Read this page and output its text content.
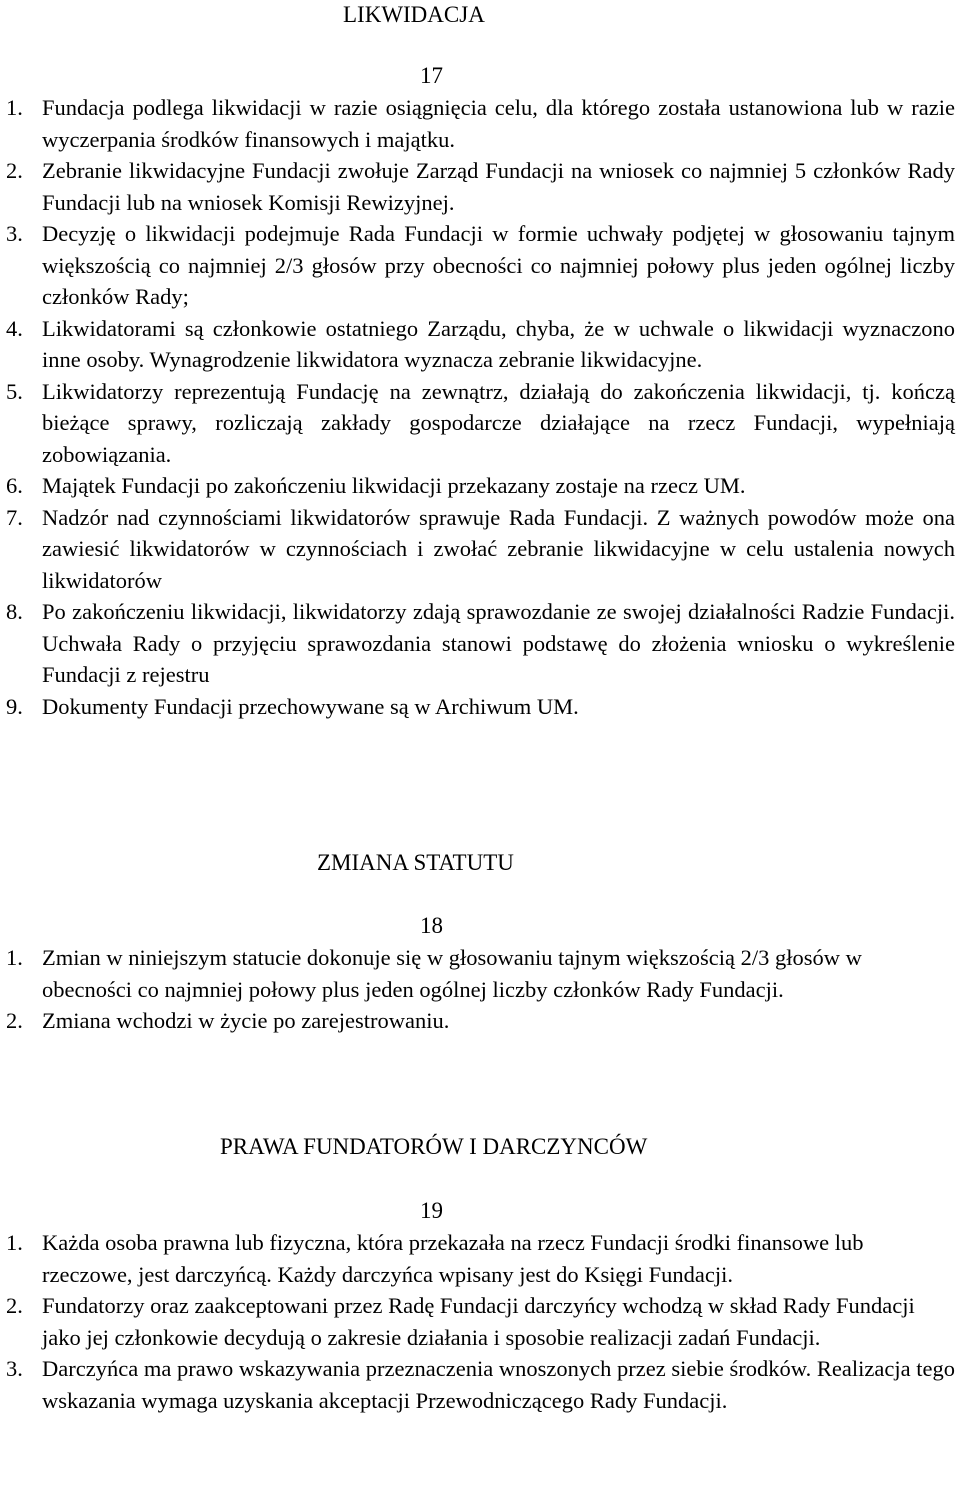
LIKWIDACJA
17
1. Fundacja podlega likwidacji w razie osiągnięcia celu, dla którego została ustanowiona lub w razie wyczerpania środków finansowych i majątku.
2. Zebranie likwidacyjne Fundacji zwołuje Zarząd Fundacji na wniosek co najmniej 5 członków Rady Fundacji lub na wniosek Komisji Rewizyjnej.
3. Decyzję o likwidacji podejmuje Rada Fundacji w formie uchwały podjętej w głosowaniu tajnym większością co najmniej 2/3 głosów przy obecności co najmniej połowy plus jeden ogólnej liczby członków Rady;
4. Likwidatorami są członkowie ostatniego Zarządu, chyba, że w uchwale o likwidacji wyznaczono inne osoby. Wynagrodzenie likwidatora wyznacza zebranie likwidacyjne.
5. Likwidatorzy reprezentują Fundację na zewnątrz, działają do zakończenia likwidacji, tj. kończą bieżące sprawy, rozliczają zakłady gospodarcze działające na rzecz Fundacji, wypełniają zobowiązania.
6. Majątek Fundacji po zakończeniu likwidacji przekazany zostaje na rzecz UM.
7. Nadzór nad czynnościami likwidatorów sprawuje Rada Fundacji. Z ważnych powodów może ona zawiesić likwidatorów w czynnościach i zwołać zebranie likwidacyjne w celu ustalenia nowych likwidatorów
8. Po zakończeniu likwidacji, likwidatorzy zdają sprawozdanie ze swojej działalności Radzie Fundacji. Uchwała Rady o przyjęciu sprawozdania stanowi podstawę do złożenia wniosku o wykreślenie Fundacji z rejestru
9. Dokumenty Fundacji przechowywane są w Archiwum UM.
ZMIANA STATUTU
18
1. Zmian w niniejszym statucie dokonuje się w głosowaniu tajnym większością 2/3 głosów w obecności co najmniej połowy plus jeden ogólnej liczby członków Rady Fundacji.
2. Zmiana wchodzi w życie po zarejestrowaniu.
PRAWA FUNDATORÓW I DARCZYNCÓW
19
1. Każda osoba prawna lub fizyczna, która przekazała na rzecz Fundacji środki finansowe lub rzeczowe, jest darczyńcą. Każdy darczyńca wpisany jest do Księgi Fundacji.
2. Fundatorzy oraz zaakceptowani przez Radę Fundacji darczyńcy wchodzą w skład Rady Fundacji jako jej członkowie decydują o zakresie działania i sposobie realizacji zadań Fundacji.
3. Darczyńca ma prawo wskazywania przeznaczenia wnoszonych przez siebie środków. Realizacja tego wskazania wymaga uzyskania akceptacji Przewodniczącego Rady Fundacji.
